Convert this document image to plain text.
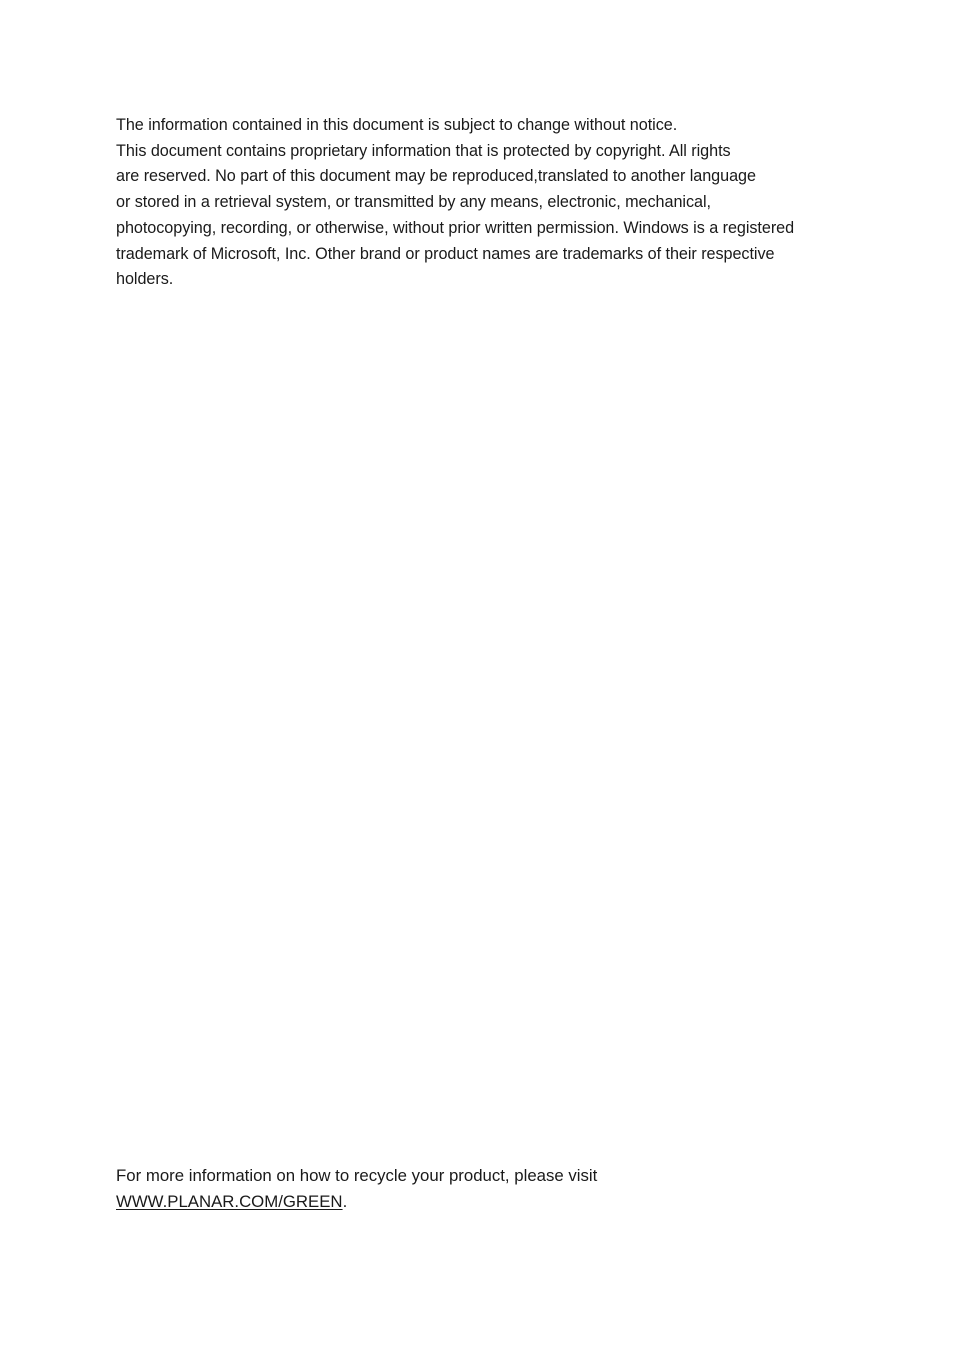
The information contained in this document is subject to change without notice.
This document contains proprietary information that is protected by copyright. All rights
are reserved. No part of this document may be reproduced,translated to another language
or stored in a retrieval system, or transmitted by any means, electronic, mechanical,
photocopying, recording, or otherwise, without prior written permission. Windows is a registered
trademark of Microsoft, Inc. Other brand or product names are trademarks of their respective
holders.
For more information on how to recycle your product, please visit
WWW.PLANAR.COM/GREEN.
